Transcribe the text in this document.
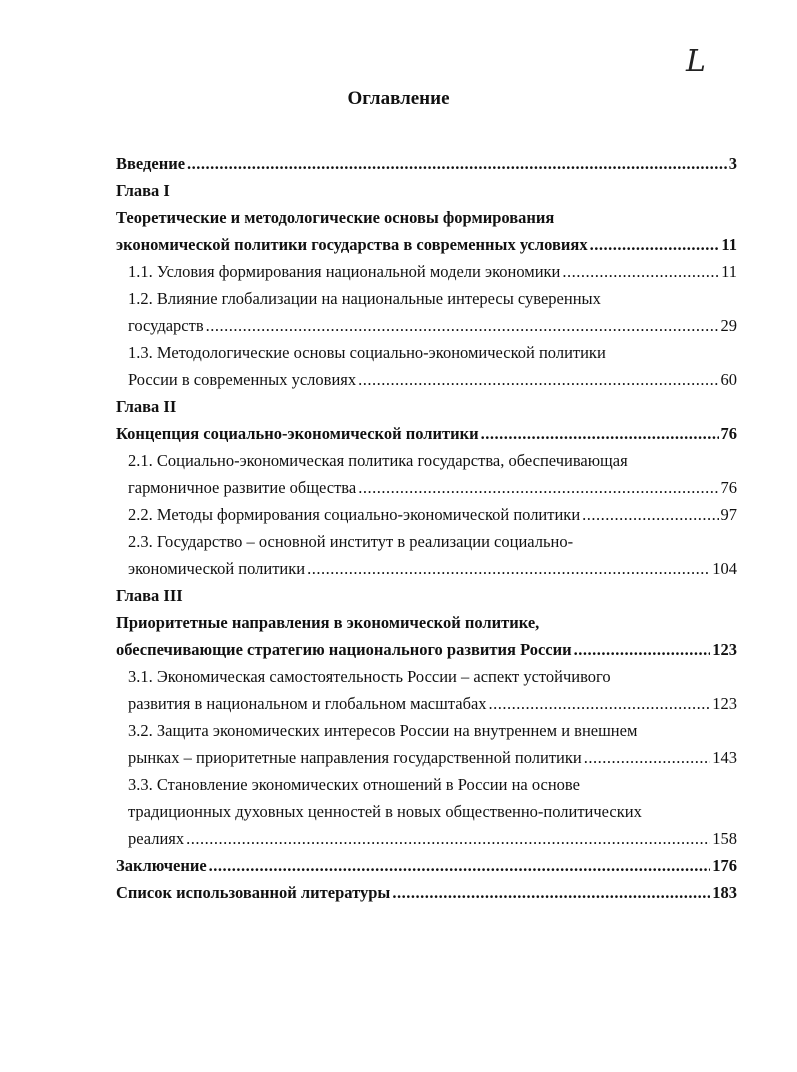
L
Оглавление
Введение .....	3
Глава I
Теоретические и методологические основы формирования
экономической политики государства в современных условиях .....	11
1.1. Условия формирования национальной модели экономики .....	11
1.2. Влияние глобализации на национальные интересы суверенных
государств .....	29
1.3. Методологические основы социально-экономической политики
России в современных условиях .....	60
Глава II
Концепция социально-экономической политики .....	76
2.1. Социально-экономическая политика государства, обеспечивающая
гармоничное развитие общества .....	76
2.2. Методы формирования социально-экономической политики .....	97
2.3. Государство – основной институт в реализации социально-
экономической политики .....	104
Глава III
Приоритетные направления в экономической политике,
обеспечивающие стратегию национального развития России .....	123
3.1. Экономическая самостоятельность России – аспект устойчивого
развития в национальном и глобальном масштабах .....	123
3.2. Защита экономических интересов России на внутреннем и внешнем
рынках – приоритетные направления государственной политики .....	143
3.3. Становление экономических отношений в России на основе
традиционных духовных ценностей в новых общественно-политических
реалиях .....	158
Заключение .....	176
Список использованной литературы .....	183
